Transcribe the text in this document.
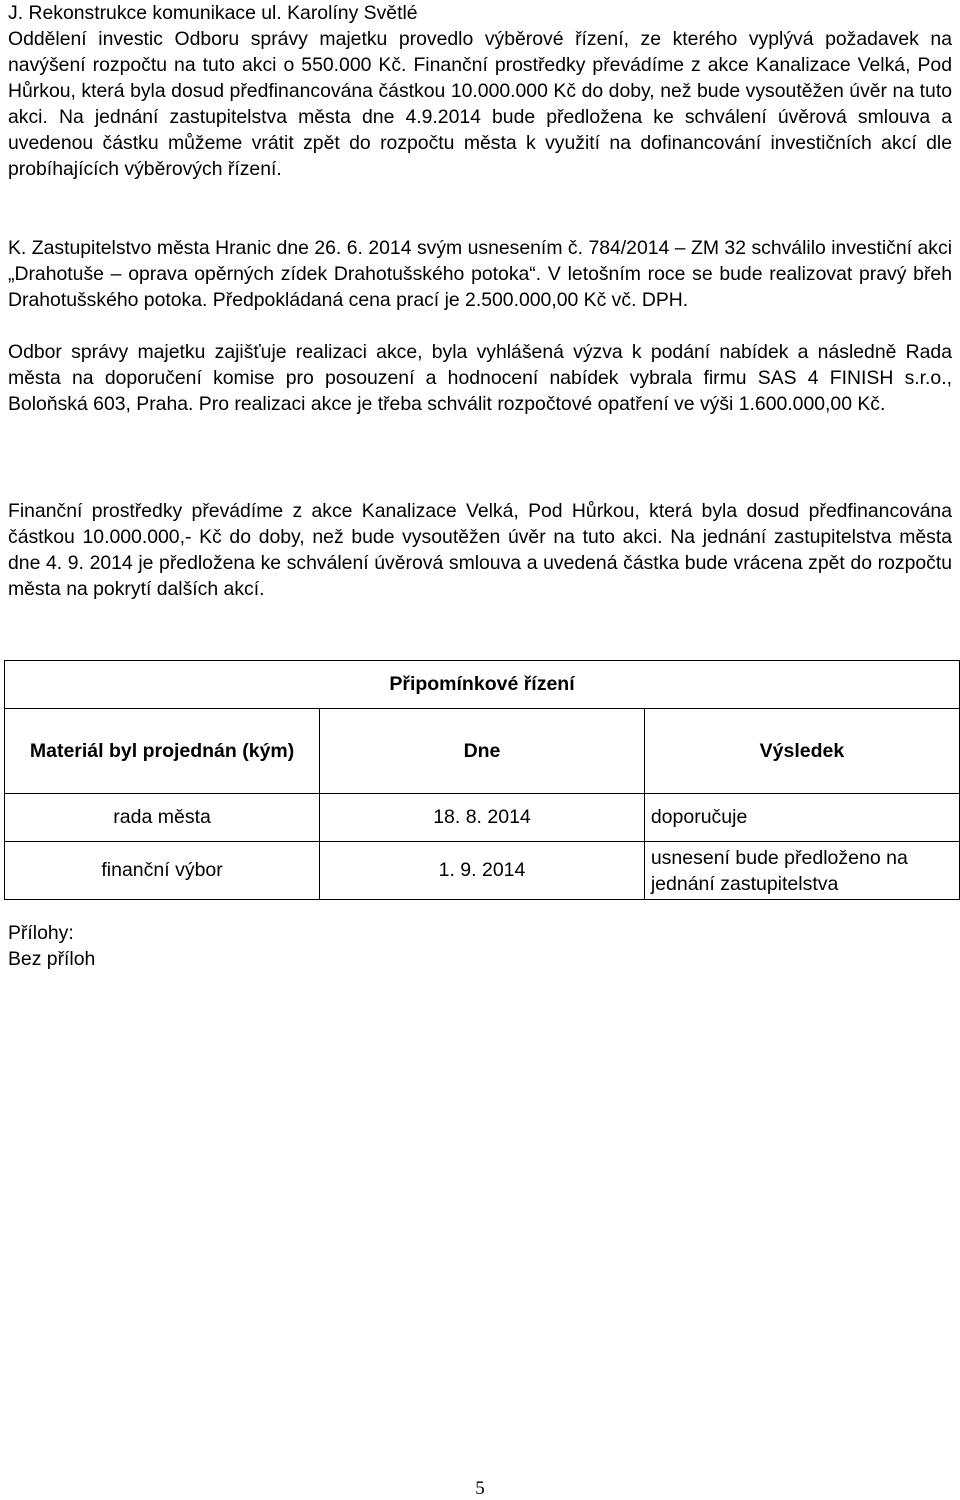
J. Rekonstrukce komunikace ul. Karolíny Světlé

Oddělení investic Odboru správy majetku provedlo výběrové řízení, ze kterého vyplývá požadavek na navýšení rozpočtu na tuto akci o 550.000 Kč. Finanční prostředky převádíme z akce Kanalizace Velká, Pod Hůrkou, která byla dosud předfinancována částkou 10.000.000 Kč do doby, než bude vysoutěžen úvěr na tuto akci. Na jednání zastupitelstva města dne 4.9.2014 bude předložena ke schválení úvěrová smlouva a uvedenou částku můžeme vrátit zpět do rozpočtu města k využití na dofinancování investičních akcí dle probíhajících výběrových řízení.

K. Zastupitelstvo města Hranic dne 26. 6. 2014 svým usnesením č. 784/2014 – ZM 32 schválilo investiční akci „Drahotuše – oprava opěrných zídek Drahotušského potoka“. V letošním roce se bude realizovat pravý břeh Drahotušského potoka. Předpokládaná cena prací je 2.500.000,00 Kč vč. DPH.

Odbor správy majetku zajišťuje realizaci akce, byla vyhlášená výzva k podání nabídek a následně Rada města na doporučení komise pro posouzení a hodnocení nabídek vybrala firmu SAS 4 FINISH s.r.o., Boloňská 603, Praha. Pro realizaci akce je třeba schválit rozpočtové opatření ve výši 1.600.000,00 Kč.

Finanční prostředky převádíme z akce Kanalizace Velká, Pod Hůrkou, která byla dosud předfinancována částkou 10.000.000,- Kč do doby, než bude vysoutěžen úvěr na tuto akci. Na jednání zastupitelstva města dne 4. 9. 2014 je předložena ke schválení úvěrová smlouva a uvedená částka bude vrácena zpět do rozpočtu města na pokrytí dalších akcí.

Přílohy:
Bez příloh
Připomínkové řízení		
Materiál byl projednán (kým)	Dne	Výsledek
rada města	18. 8. 2014	doporučuje
finanční výbor	1. 9. 2014	usnesení bude předloženo na jednání zastupitelstva
5
